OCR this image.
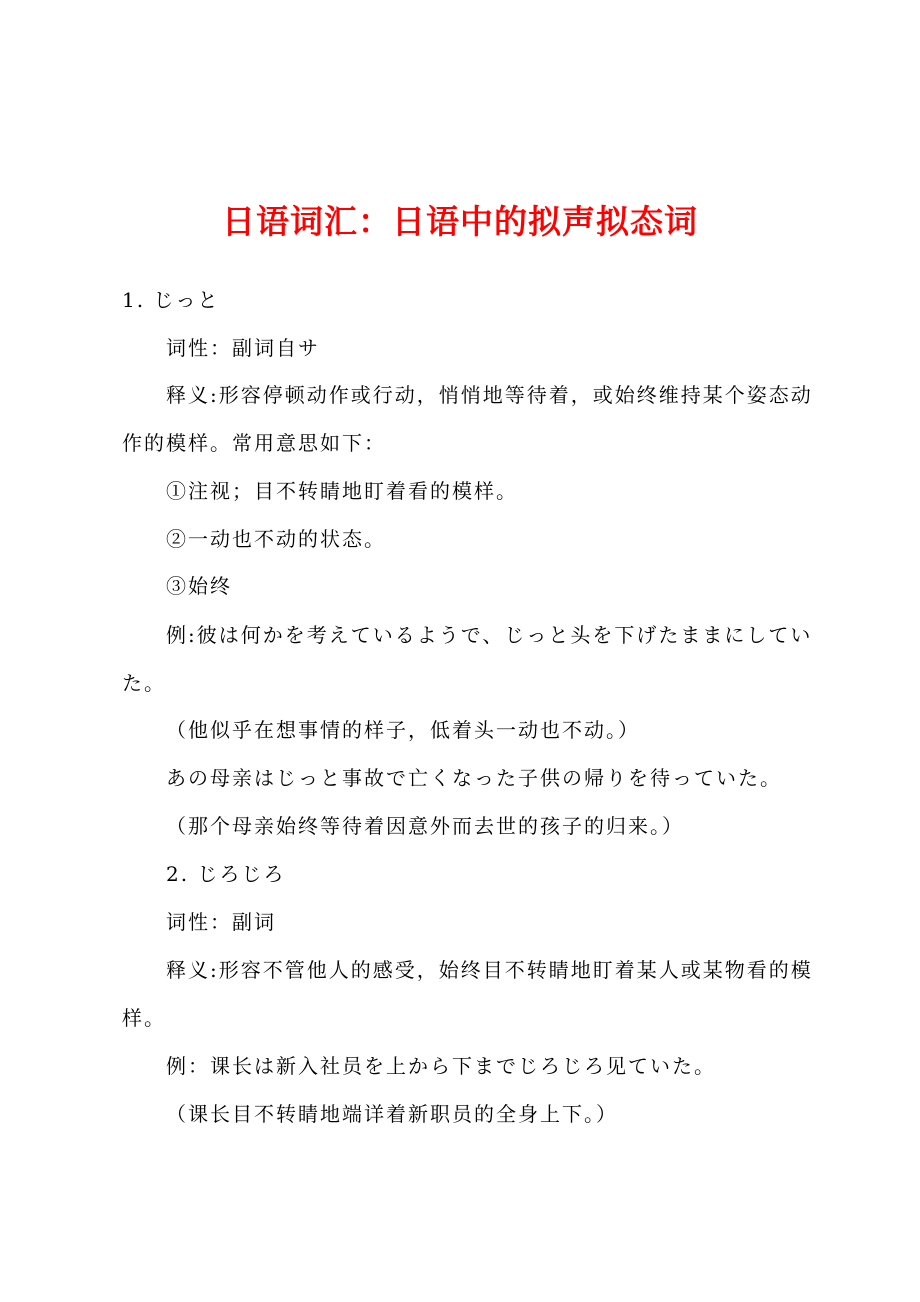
日语词汇：日语中的拟声拟态词
1. じっと
词性：副词自サ
释义:形容停顿动作或行动，悄悄地等待着，或始终维持某个姿态动
作的模样。常用意思如下：
①注视；目不转睛地盯着看的模样。
②一动也不动的状态。
③始终
例:彼は何かを考えているようで、じっと头を下げたままにしてい
た。
（他似乎在想事情的样子，低着头一动也不动。）
あの母亲はじっと事故で亡くなった子供の帰りを待っていた。
（那个母亲始终等待着因意外而去世的孩子的归来。）
2. じろじろ
词性：副词
释义:形容不管他人的感受，始终目不转睛地盯着某人或某物看的模
样。
例：课长は新入社员を上から下までじろじろ见ていた。
（课长目不转睛地端详着新职员的全身上下。）
